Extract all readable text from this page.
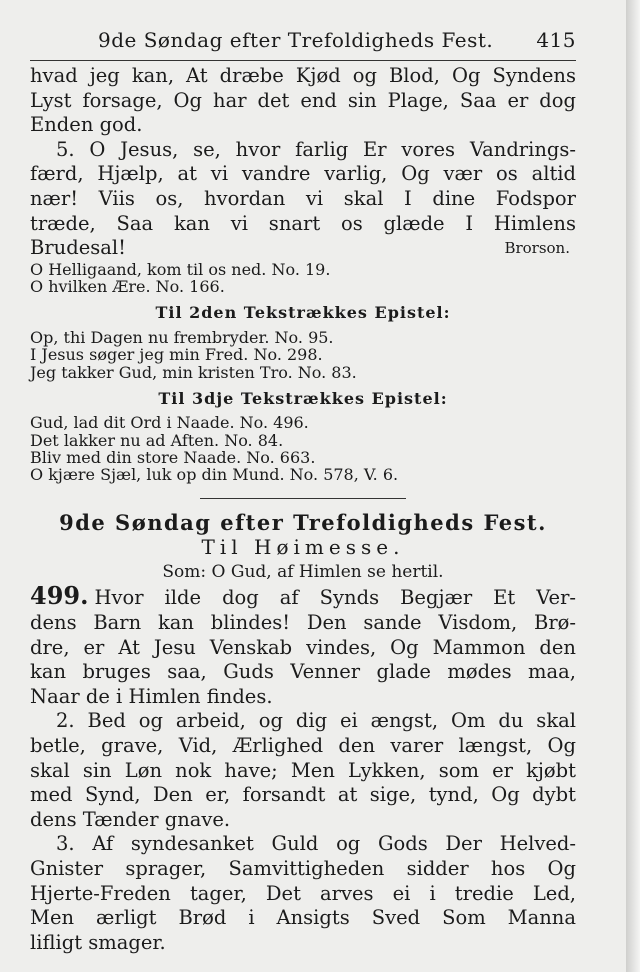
9de Søndag efter Trefoldigheds Fest. 415

hvad jeg kan, At dræbe Kjød og Blod, Og Syndens

Lyst forsage, Og har det end sin Plage, Saa er dog

Enden god.

5. O Jesus, se, hvor farlig Er vores Vandrings-

færd, Hjælp, at vi vandre varlig, Og vær os altid

nær! Viis os, hvordan vi skal I dine Fodspor

træde, Saa kan vi snart os glæde I Himlens

Brudesal!	Brorson.

O Helligaand, kom til os ned. No. 19.

O hvilken Ære. No. 166.

Til 2den Tekstrækkes Epistel:

Op, thi Dagen nu frembryder. No. 95.

I Jesus søger jeg min Fred. No. 298.

Jeg takker Gud, min kristen Tro. No. 83.

Til 3dje Tekstrækkes Epistel:

Gud, lad dit Ord i Naade. No. 496.

Det lakker nu ad Aften. No. 84.

Bliv med din store Naade. No. 663.

O kjære Sjæl, luk op din Mund. No. 578, V. 6.

9de Søndag efter Trefoldigheds Fest.

Til Høimesse.

Som: O Gud, af Himlen se hertil.

499. Hvor ilde dog af Synds Begjær Et Ver-

dens Barn kan blindes! Den sande Visdom, Brø-

dre, er At Jesu Venskab vindes, Og Mammon den

kan bruges saa, Guds Venner glade mødes maa,

Naar de i Himlen findes.

2. Bed og arbeid, og dig ei ængst, Om du skal

betle, grave, Vid, Ærlighed den varer længst, Og

skal sin Løn nok have; Men Lykken, som er kjøbt

med Synd, Den er, forsandt at sige, tynd, Og dybt

dens Tænder gnave.

3. Af syndesanket Guld og Gods Der Helved-

Gnister sprager, Samvittigheden sidder hos Og

Hjerte-Freden tager, Det arves ei i tredie Led,

Men ærligt Brød i Ansigts Sved Som Manna

lifligt smager.
